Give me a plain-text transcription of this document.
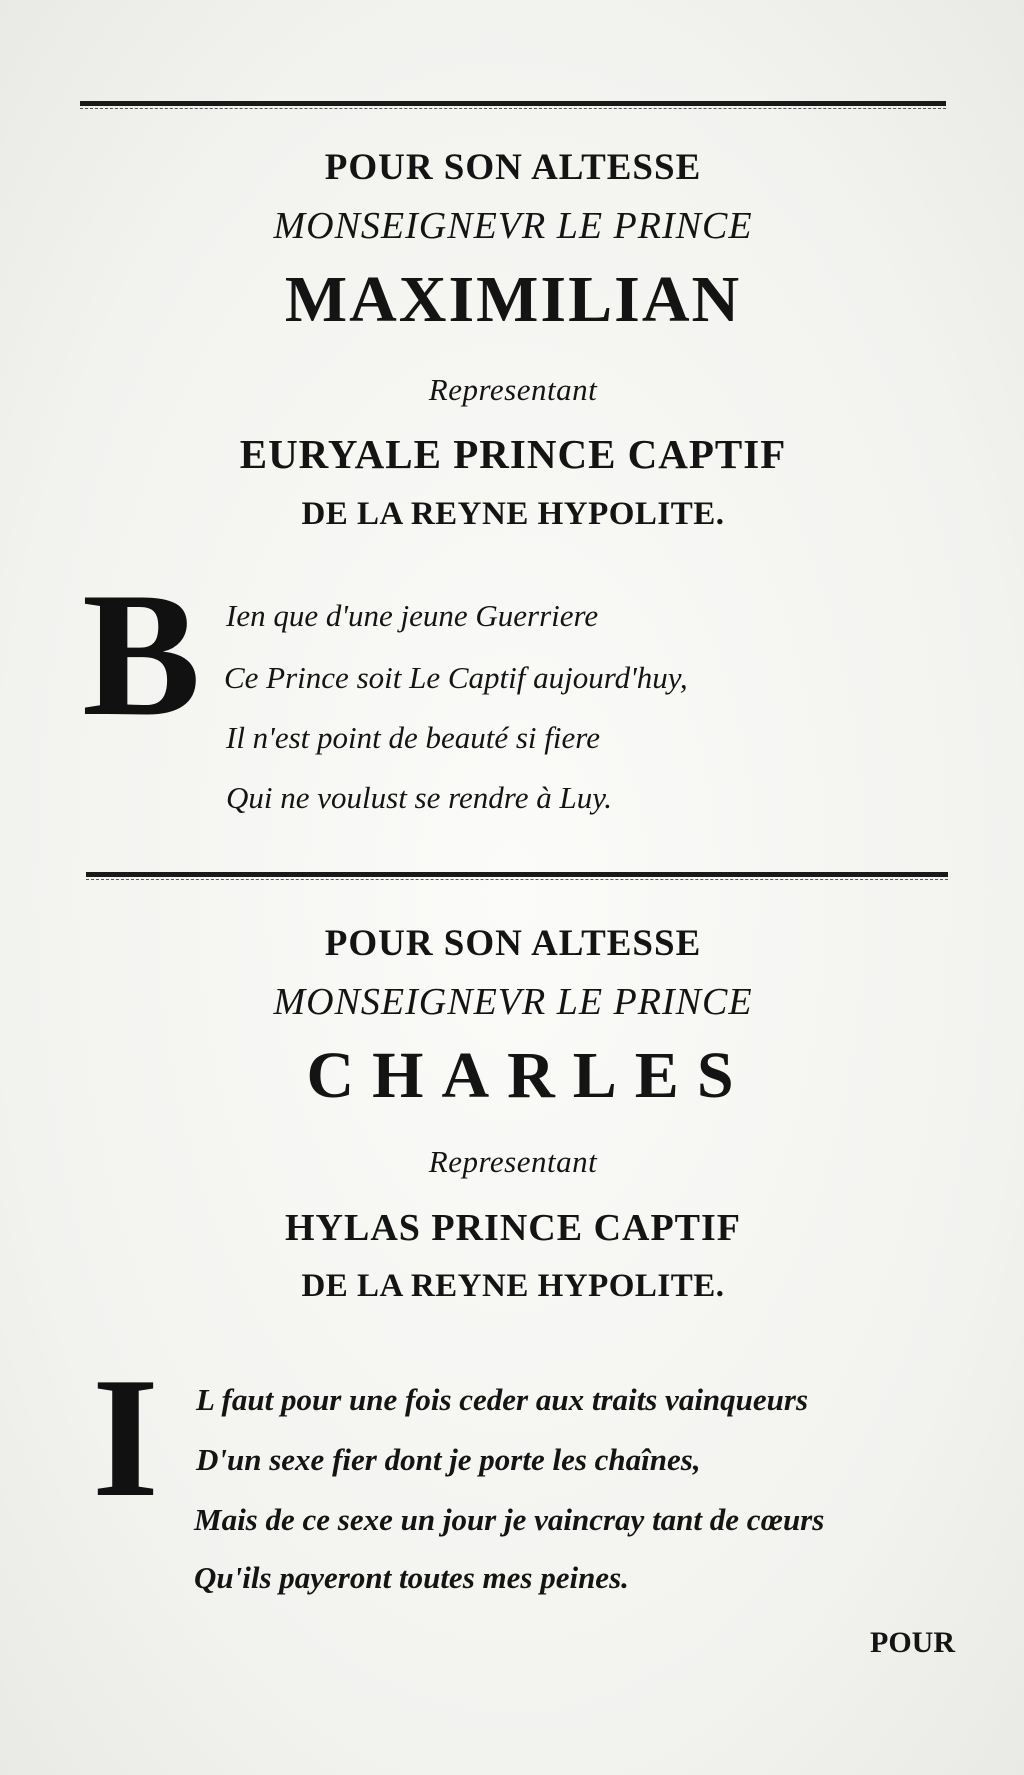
POUR SON ALTESSE
MONSEIGNEVR LE PRINCE
MAXIMILIAN
Representant
EURYALE PRINCE CAPTIF
DE LA REYNE HYPOLITE.
B Ien que d'une jeune Guerriere
Ce Prince soit Le Captif aujourd'huy,
Il n'est point de beauté si fiere
Qui ne voulust se rendre à Luy.
POUR SON ALTESSE
MONSEIGNEVR LE PRINCE
CHARLES
Representant
HYLAS PRINCE CAPTIF
DE LA REYNE HYPOLITE.
I L faut pour une fois ceder aux traits vainqueurs
D'un sexe fier dont je porte les chaînes,
Mais de ce sexe un jour je vaincray tant de cœurs
Qu'ils payeront toutes mes peines.
POUR
